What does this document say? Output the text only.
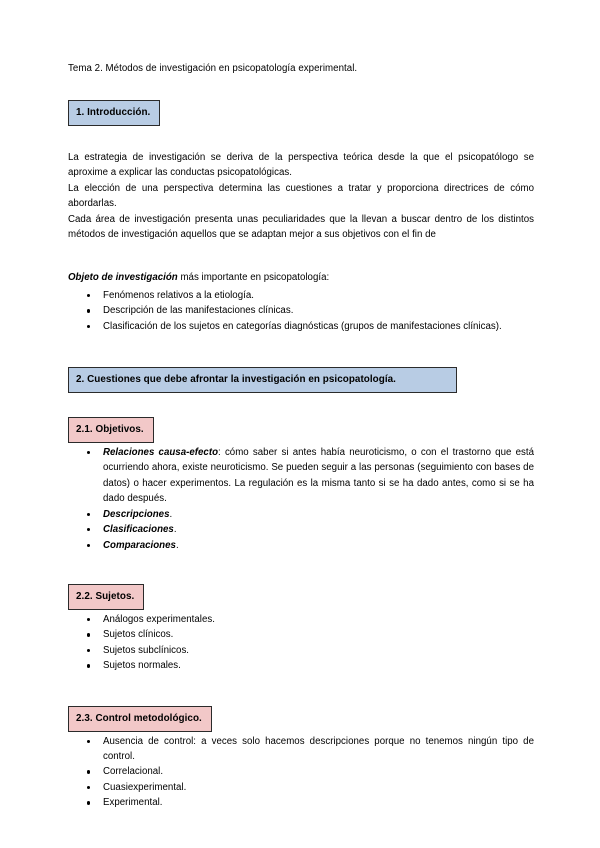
Tema 2. Métodos de investigación en psicopatología experimental.

1. Introducción.

La estrategia de investigación se deriva de la perspectiva teórica desde la que el psicopatólogo se aproxime a explicar las conductas psicopatológicas.

La elección de una perspectiva determina las cuestiones a tratar y proporciona directrices de cómo abordarlas.

Cada área de investigación presenta unas peculiaridades que la llevan a buscar dentro de los distintos métodos de investigación aquellos que se adaptan mejor a sus objetivos con el fin de

Objeto de investigación más importante en psicopatología:

Fenómenos relativos a la etiología.
Descripción de las manifestaciones clínicas.
Clasificación de los sujetos en categorías diagnósticas (grupos de manifestaciones clínicas).
2. Cuestiones que debe afrontar la investigación en psicopatología.
2.1. Objetivos.
Relaciones causa-efecto: cómo saber si antes había neuroticismo, o con el trastorno que está ocurriendo ahora, existe neuroticismo. Se pueden seguir a las personas (seguimiento con bases de datos) o hacer experimentos. La regulación es la misma tanto si se ha dado antes, como si se ha dado después.
Descripciones.
Clasificaciones.
Comparaciones.
2.2. Sujetos.
Análogos experimentales.
Sujetos clínicos.
Sujetos subclínicos.
Sujetos normales.
2.3. Control metodológico.
Ausencia de control: a veces solo hacemos descripciones porque no tenemos ningún tipo de control.
Correlacional.
Cuasiexperimental.
Experimental.
